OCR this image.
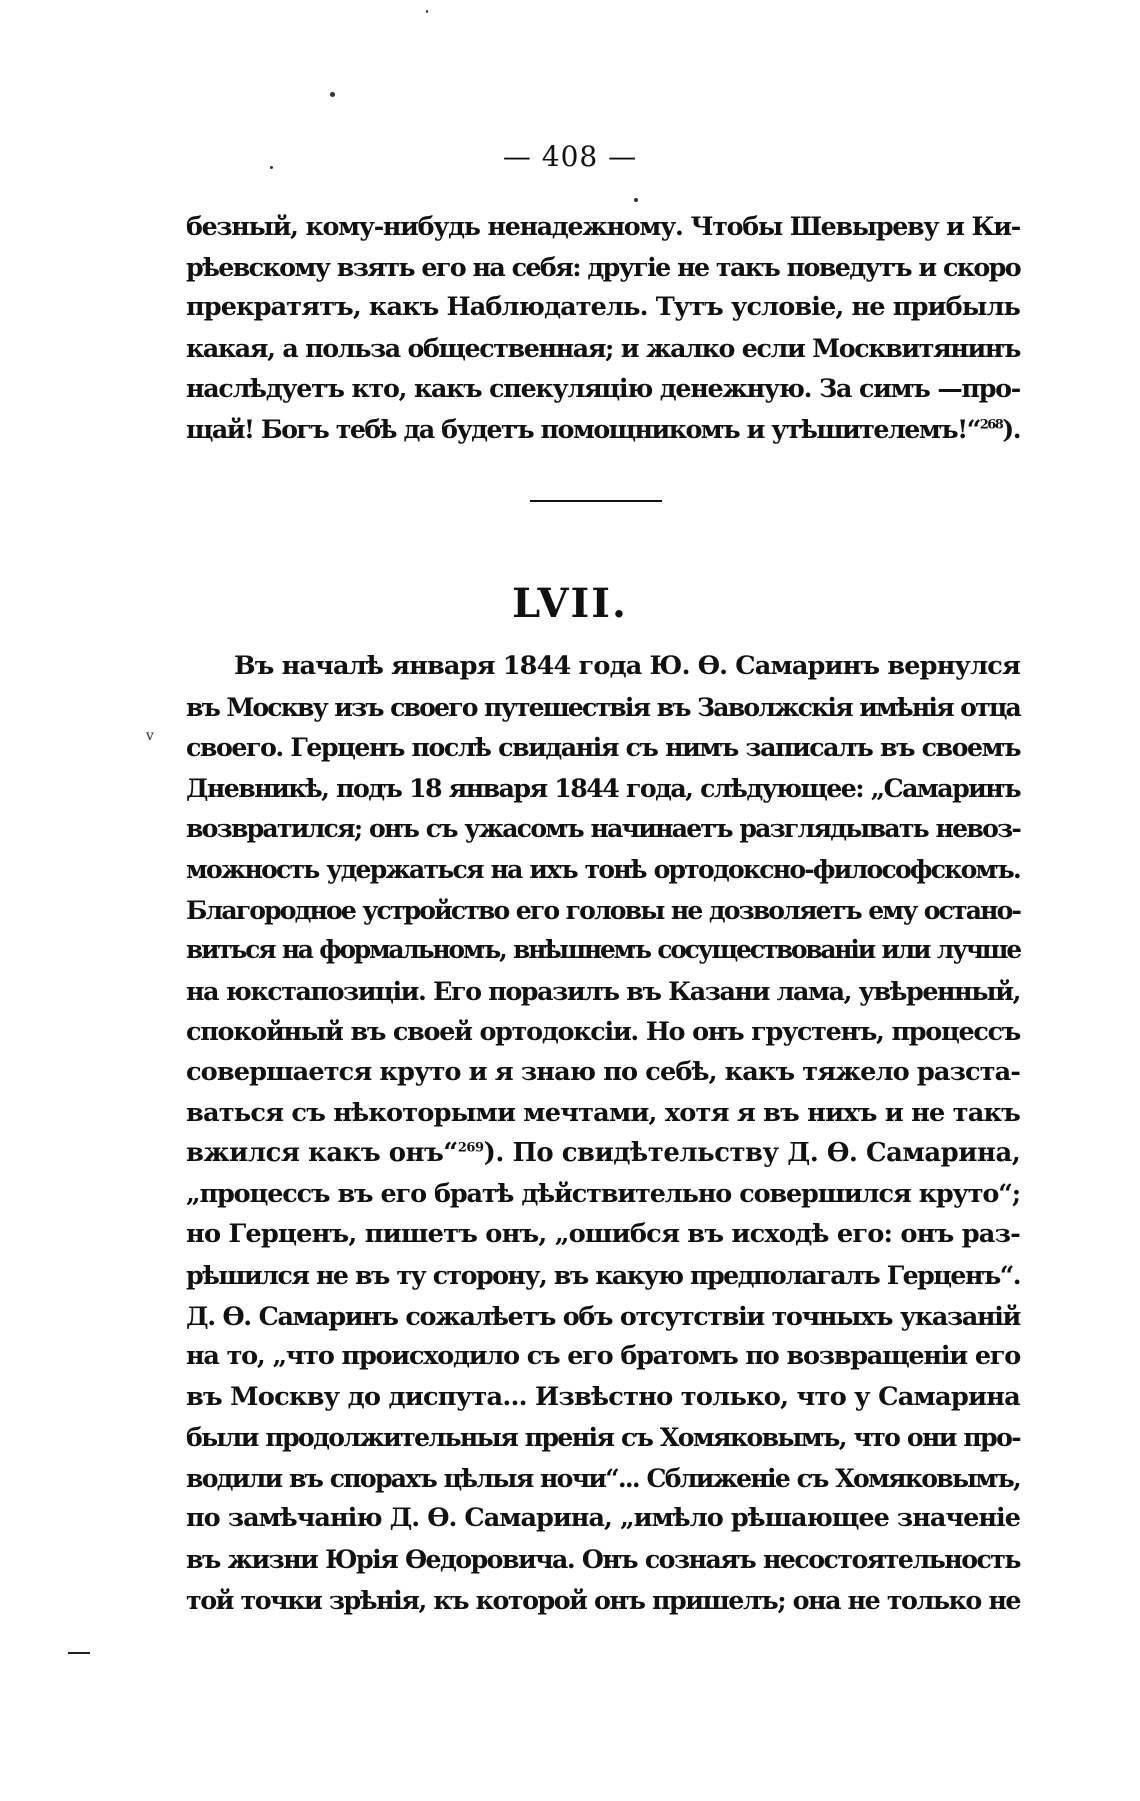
— 408 —
безный, кому-нибудь ненадежному. Чтобы Шевыреву и Ки-
рѣевскому взять его на себя: другіе не такъ поведутъ и скоро
прекратятъ, какъ Наблюдатель. Тутъ условіе, не прибыль
какая, а польза общественная; и жалко если Москвитянинъ
наслѣдуетъ кто, какъ спекуляцію денежную. За симъ —про-
щай! Богъ тебѣ да будетъ помощникомъ и утѣшителемъ!“$^{268}$).
LVII.
v
Въ началѣ января 1844 года Ю. Ѳ. Самаринъ вернулся
въ Москву изъ своего путешествія въ Заволжскія имѣнія отца
своего. Герценъ послѣ свиданія съ нимъ записалъ въ своемъ
Дневникѣ, подъ 18 января 1844 года, слѣдующее: „Самаринъ
возвратился; онъ съ ужасомъ начинаетъ разглядывать невоз-
можность удержаться на ихъ тонѣ ортодоксно-философскомъ.
Благородное устройство его головы не дозволяетъ ему остано-
виться на формальномъ, внѣшнемъ сосуществованіи или лучше
на юкстапозиціи. Его поразилъ въ Казани лама, увѣренный,
спокойный въ своей ортодоксіи. Но онъ грустенъ, процессъ
совершается круто и я знаю по себѣ, какъ тяжело разста-
ваться съ нѣкоторыми мечтами, хотя я въ нихъ и не такъ
вжился какъ онъ“$^{269}$). По свидѣтельству Д. Ѳ. Самарина,
„процессъ въ его братѣ дѣйствительно совершился круто“;
но Герценъ, пишетъ онъ, „ошибся въ исходѣ его: онъ раз-
рѣшился не въ ту сторону, въ какую предполагалъ Герценъ“.
Д. Ѳ. Самаринъ сожалѣетъ объ отсутствіи точныхъ указаній
на то, „что происходило съ его братомъ по возвращеніи его
въ Москву до диспута... Извѣстно только, что у Самарина
были продолжительныя пренія съ Хомяковымъ, что они про-
водили въ спорахъ цѣлыя ночи“... Сближеніе съ Хомяковымъ,
по замѣчанію Д. Ѳ. Самарина, „имѣло рѣшающее значеніе
въ жизни Юрія Ѳедоровича. Онъ сознаяъ несостоятельность
той точки зрѣнія, къ которой онъ пришелъ; она не только не
